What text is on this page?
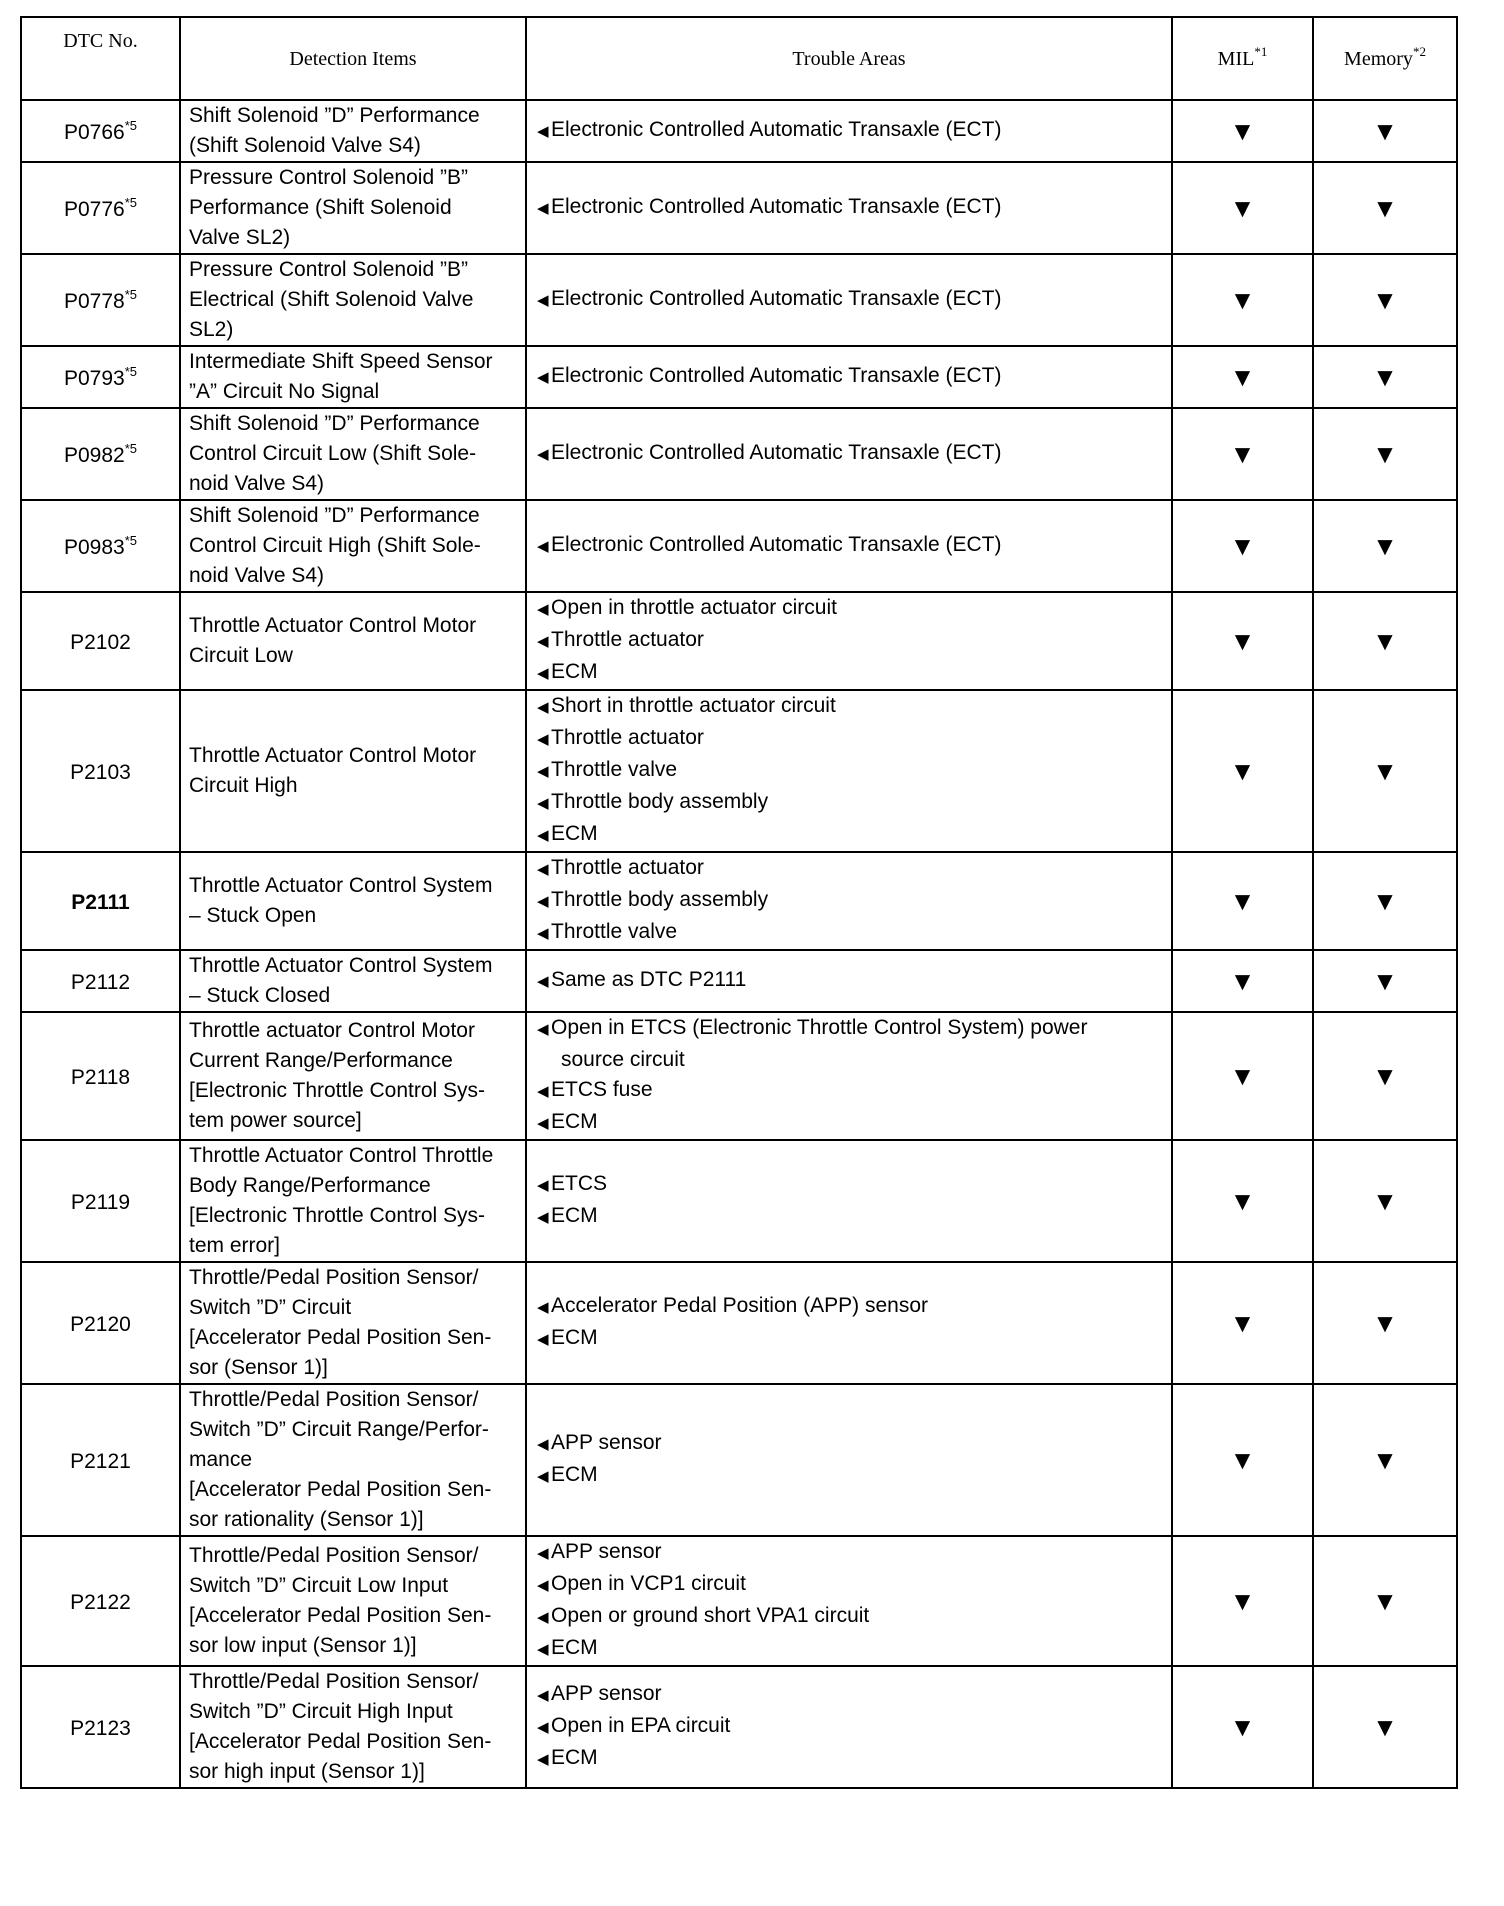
DTC No.	Detection Items	Trouble Areas	MIL$^{*1}$	Memory$^{*2}$
P0766$^{*5}$	Shift Solenoid ”D” Performance
(Shift Solenoid Valve S4)	◀ Electronic Controlled Automatic Transaxle (ECT)	▼	▼
P0776$^{*5}$	Pressure Control Solenoid ”B”
Performance (Shift Solenoid
Valve SL2)	◀ Electronic Controlled Automatic Transaxle (ECT)	▼	▼
P0778$^{*5}$	Pressure Control Solenoid ”B”
Electrical (Shift Solenoid Valve
SL2)	◀ Electronic Controlled Automatic Transaxle (ECT)	▼	▼
P0793$^{*5}$	Intermediate Shift Speed Sensor
”A” Circuit No Signal	◀ Electronic Controlled Automatic Transaxle (ECT)	▼	▼
P0982$^{*5}$	Shift Solenoid ”D” Performance
Control Circuit Low (Shift Sole-
noid Valve S4)	◀ Electronic Controlled Automatic Transaxle (ECT)	▼	▼
P0983$^{*5}$	Shift Solenoid ”D” Performance
Control Circuit High (Shift Sole-
noid Valve S4)	◀ Electronic Controlled Automatic Transaxle (ECT)	▼	▼
P2102	Throttle Actuator Control Motor
Circuit Low	◀ Open in throttle actuator circuit
◀ Throttle actuator
◀ ECM	▼	▼
P2103	Throttle Actuator Control Motor
Circuit High	◀ Short in throttle actuator circuit
◀ Throttle actuator
◀ Throttle valve
◀ Throttle body assembly
◀ ECM	▼	▼
P2111	Throttle Actuator Control System
– Stuck Open	◀ Throttle actuator
◀ Throttle body assembly
◀ Throttle valve	▼	▼
P2112	Throttle Actuator Control System
– Stuck Closed	◀ Same as DTC P2111	▼	▼
P2118	Throttle actuator Control Motor
Current Range/Performance
[Electronic Throttle Control Sys-
tem power source]	◀ Open in ETCS (Electronic Throttle Control System) power
source circuit
◀ ETCS fuse
◀ ECM	▼	▼
P2119	Throttle Actuator Control Throttle
Body Range/Performance
[Electronic Throttle Control Sys-
tem error]	◀ ETCS
◀ ECM	▼	▼
P2120	Throttle/Pedal Position Sensor/
Switch ”D” Circuit
[Accelerator Pedal Position Sen-
sor (Sensor 1)]	◀ Accelerator Pedal Position (APP) sensor
◀ ECM	▼	▼
P2121	Throttle/Pedal Position Sensor/
Switch ”D” Circuit Range/Perfor-
mance
[Accelerator Pedal Position Sen-
sor rationality (Sensor 1)]	◀ APP sensor
◀ ECM	▼	▼
P2122	Throttle/Pedal Position Sensor/
Switch ”D” Circuit Low Input
[Accelerator Pedal Position Sen-
sor low input (Sensor 1)]	◀ APP sensor
◀ Open in VCP1 circuit
◀ Open or ground short VPA1 circuit
◀ ECM	▼	▼
P2123	Throttle/Pedal Position Sensor/
Switch ”D” Circuit High Input
[Accelerator Pedal Position Sen-
sor high input (Sensor 1)]	◀ APP sensor
◀ Open in EPA circuit
◀ ECM	▼	▼
